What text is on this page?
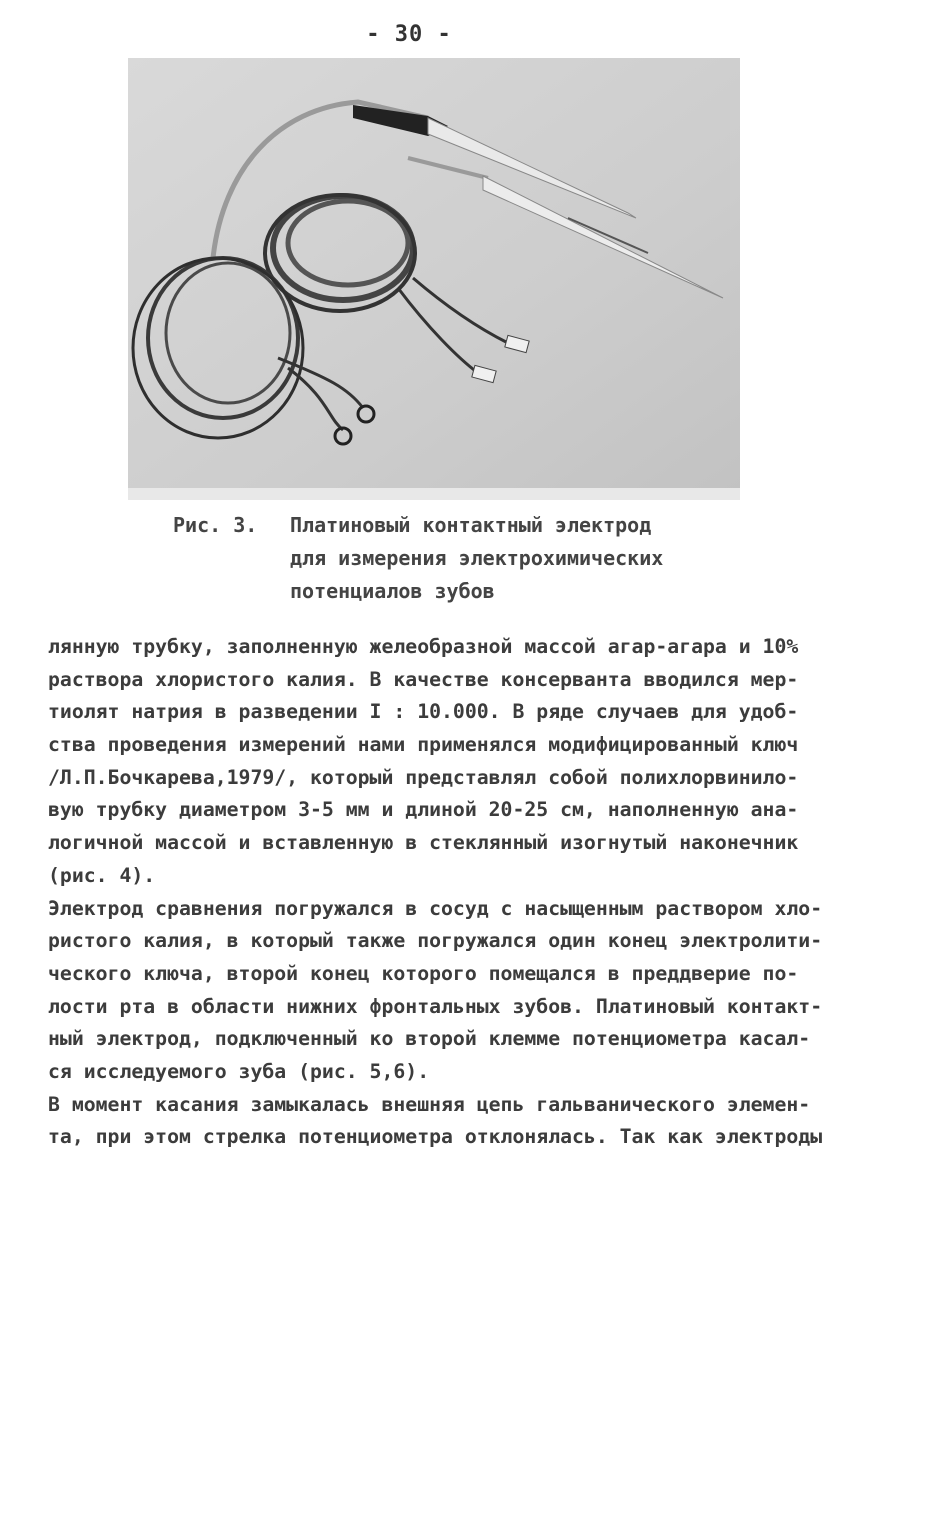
- 30 -
Рис. 3. Платиновый контактный электрод
для измерения электрохимических
потенциалов зубов
лянную трубку, заполненную желеобразной массой агар-агара и 10%
раствора хлористого калия. В качестве консерванта вводился мер-
тиолят натрия в разведении I : 10.000. В ряде случаев для удоб-
ства проведения измерений нами применялся модифицированный ключ
/Л.П.Бочкарева,1979/, который представлял собой полихлорвинило-
вую трубку диаметром 3-5 мм и длиной 20-25 см, наполненную ана-
логичной массой и вставленную в стеклянный изогнутый наконечник
(рис. 4).
Электрод сравнения погружался в сосуд с насыщенным раствором хло-
ристого калия, в который также погружался один конец электролити-
ческого ключа, второй конец которого помещался в преддверие по-
лости рта в области нижних фронтальных зубов. Платиновый контакт-
ный электрод, подключенный ко второй клемме потенциометра касал-
ся исследуемого зуба (рис. 5,6).
В момент касания замыкалась внешняя цепь гальванического элемен-
та, при этом стрелка потенциометра отклонялась. Так как электроды
